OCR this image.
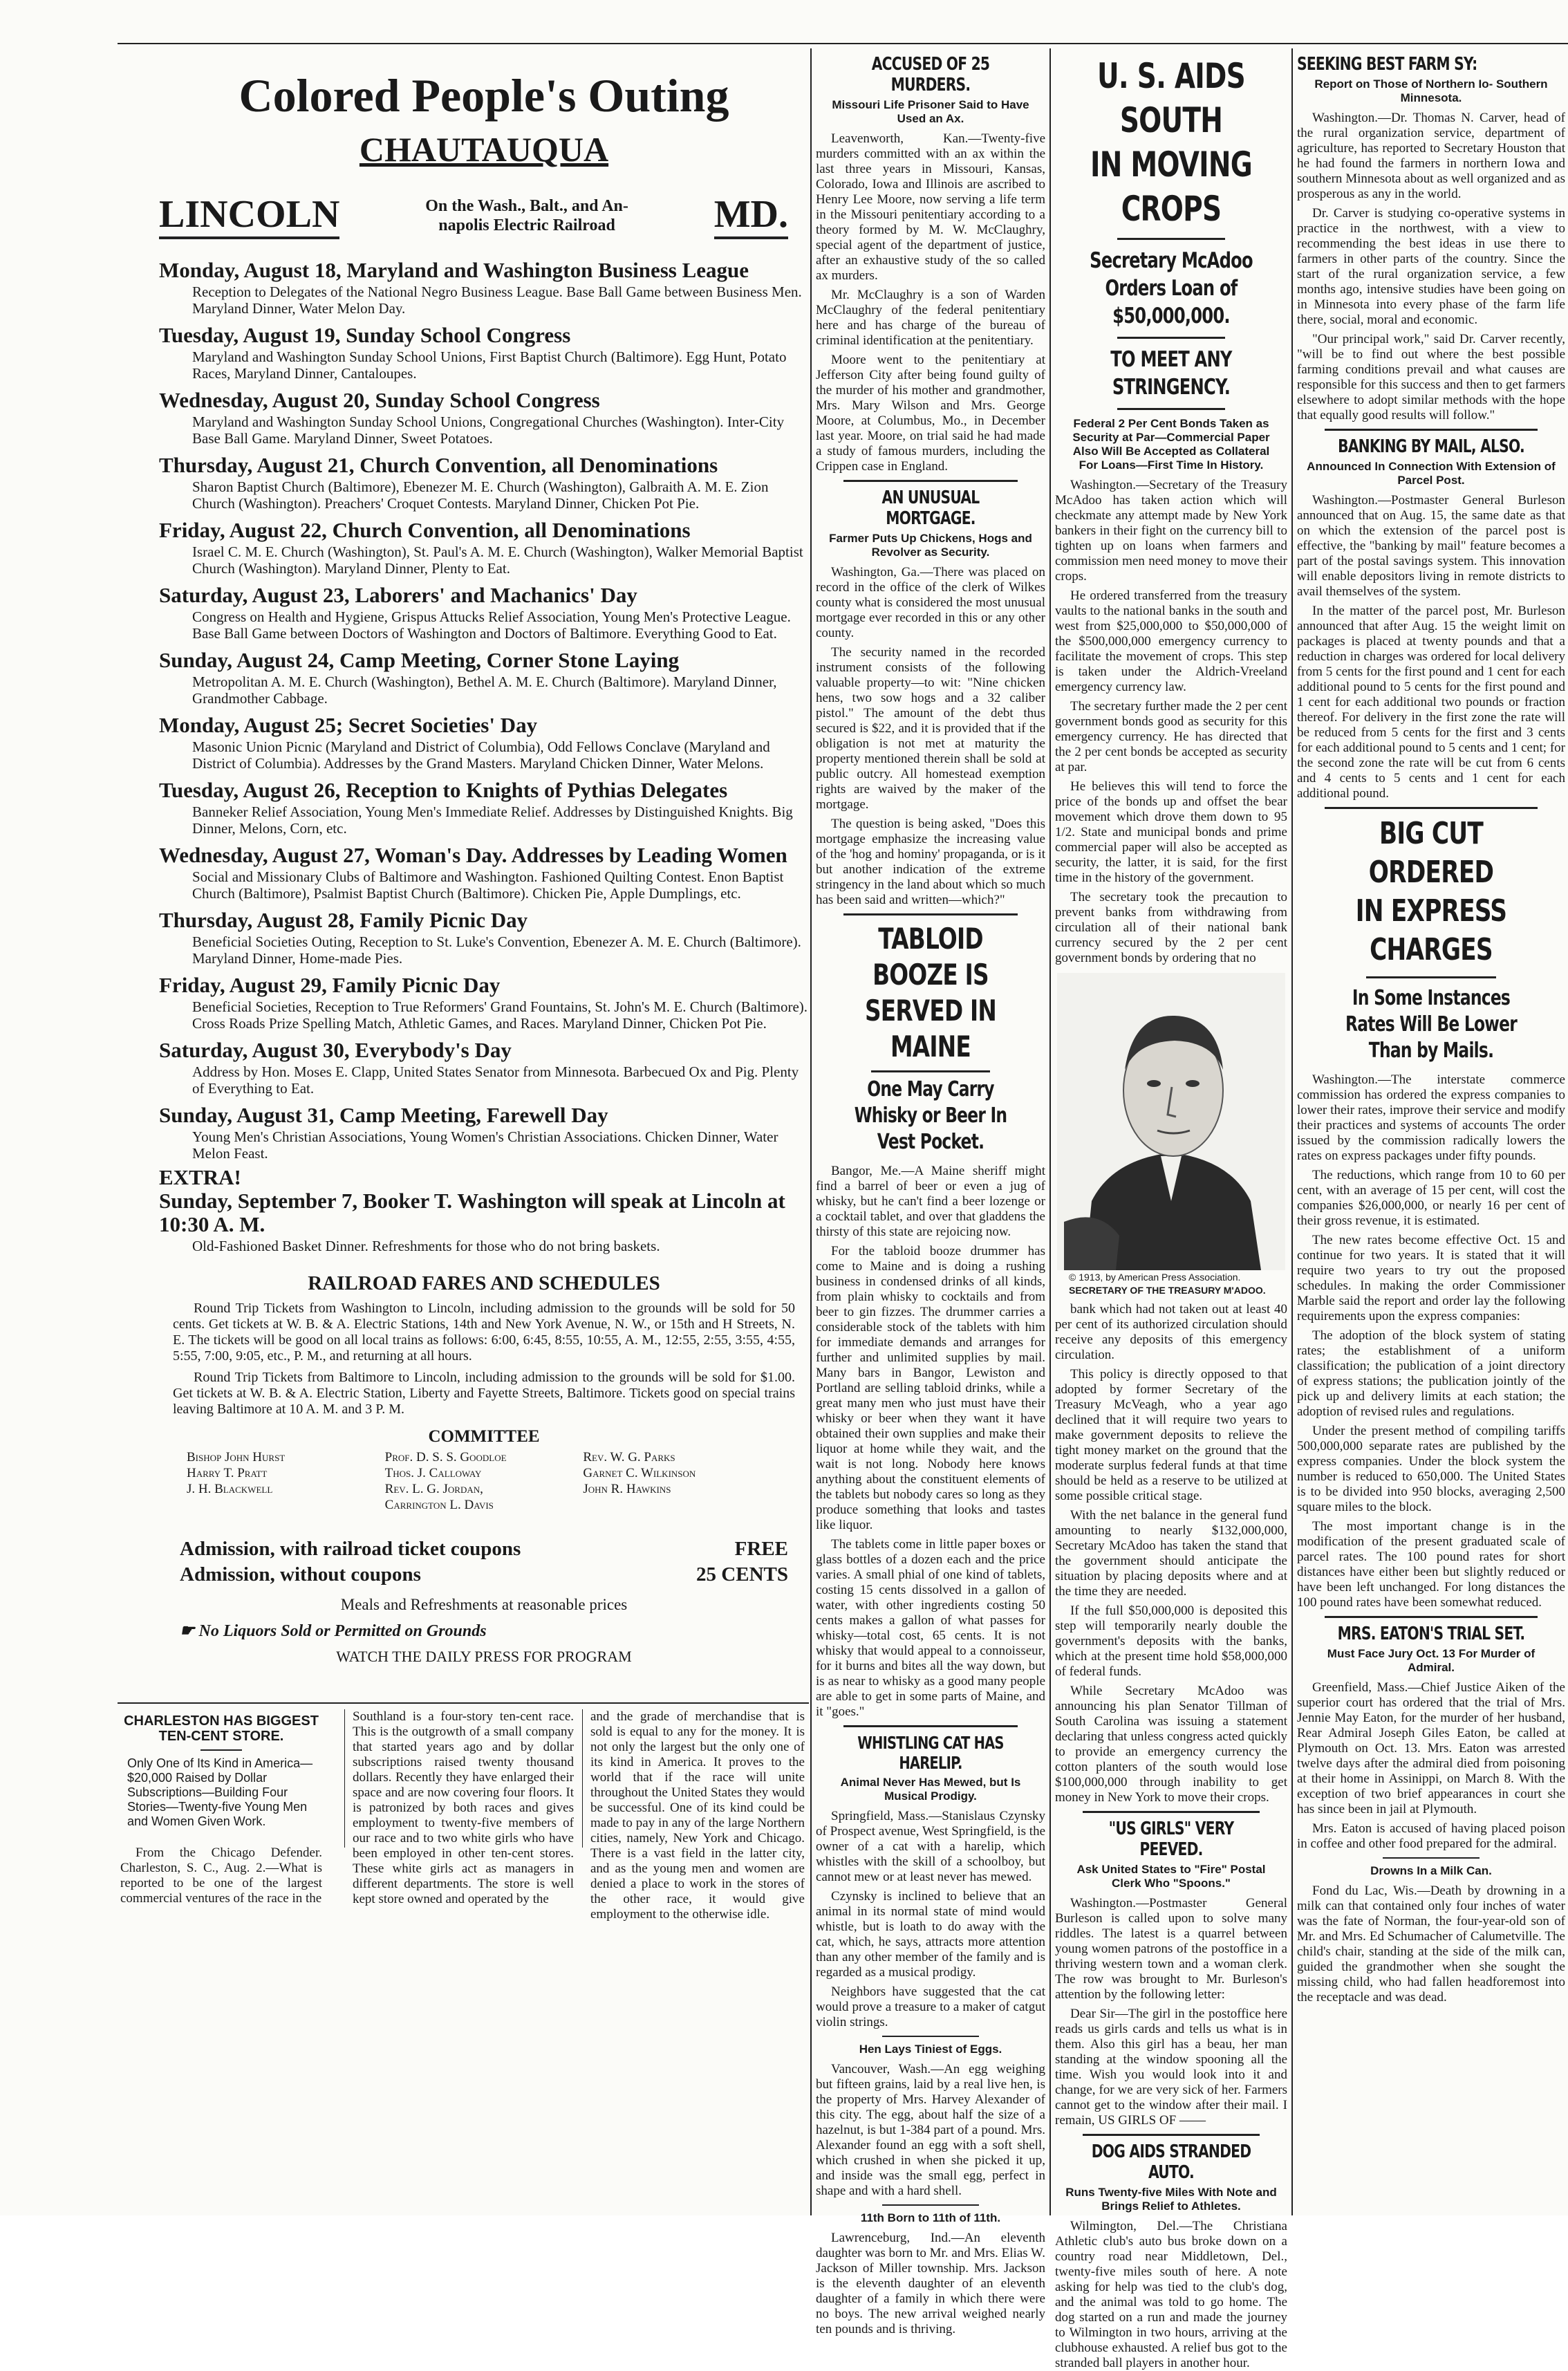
Colored People's Outing
CHAUTAUQUA
LINCOLN	On the Wash., Balt., and An-napolis Electric Railroad	MD.
Monday, August 18, Maryland and Washington Business League
Reception to Delegates of the National Negro Business League. Base Ball Game between Business Men. Maryland Dinner, Water Melon Day.
Tuesday, August 19, Sunday School Congress
Maryland and Washington Sunday School Unions, First Baptist Church (Baltimore). Egg Hunt, Potato Races, Maryland Dinner, Cantaloupes.
Wednesday, August 20, Sunday School Congress
Maryland and Washington Sunday School Unions, Congregational Churches (Washington). Inter-City Base Ball Game. Maryland Dinner, Sweet Potatoes.
Thursday, August 21, Church Convention, all Denominations
Sharon Baptist Church (Baltimore), Ebenezer M. E. Church (Washington), Galbraith A. M. E. Zion Church (Washington). Preachers' Croquet Contests. Maryland Dinner, Chicken Pot Pie.
Friday, August 22, Church Convention, all Denominations
Israel C. M. E. Church (Washington), St. Paul's A. M. E. Church (Washington), Walker Memorial Baptist Church (Washington). Maryland Dinner, Plenty to Eat.
Saturday, August 23, Laborers' and Machanics' Day
Congress on Health and Hygiene, Grispus Attucks Relief Association, Young Men's Protective League. Base Ball Game between Doctors of Washington and Doctors of Baltimore. Everything Good to Eat.
Sunday, August 24, Camp Meeting, Corner Stone Laying
Metropolitan A. M. E. Church (Washington), Bethel A. M. E. Church (Baltimore). Maryland Dinner, Grandmother Cabbage.
Monday, August 25; Secret Societies' Day
Masonic Union Picnic (Maryland and District of Columbia), Odd Fellows Conclave (Maryland and District of Columbia). Addresses by the Grand Masters. Maryland Chicken Dinner, Water Melons.
Tuesday, August 26, Reception to Knights of Pythias Delegates
Banneker Relief Association, Young Men's Immediate Relief. Addresses by Distinguished Knights. Big Dinner, Melons, Corn, etc.
Wednesday, August 27, Woman's Day. Addresses by Leading Women
Social and Missionary Clubs of Baltimore and Washington. Fashioned Quilting Contest. Enon Baptist Church (Baltimore), Psalmist Baptist Church (Baltimore). Chicken Pie, Apple Dumplings, etc.
Thursday, August 28, Family Picnic Day
Beneficial Societies Outing, Reception to St. Luke's Convention, Ebenezer A. M. E. Church (Baltimore). Maryland Dinner, Home-made Pies.
Friday, August 29, Family Picnic Day
Beneficial Societies, Reception to True Reformers' Grand Fountains, St. John's M. E. Church (Baltimore). Cross Roads Prize Spelling Match, Athletic Games, and Races. Maryland Dinner, Chicken Pot Pie.
Saturday, August 30, Everybody's Day
Address by Hon. Moses E. Clapp, United States Senator from Minnesota. Barbecued Ox and Pig. Plenty of Everything to Eat.
Sunday, August 31, Camp Meeting, Farewell Day
Young Men's Christian Associations, Young Women's Christian Associations. Chicken Dinner, Water Melon Feast.
EXTRA!
Sunday, September 7, Booker T. Washington will speak at Lincoln at 10:30 A. M.
Old-Fashioned Basket Dinner. Refreshments for those who do not bring baskets.
RAILROAD FARES AND SCHEDULES
Round Trip Tickets from Washington to Lincoln, including admission to the grounds will be sold for 50 cents. Get tickets at W. B. & A. Electric Stations, 14th and New York Avenue, N. W., or 15th and H Streets, N. E. The tickets will be good on all local trains as follows: 6:00, 6:45, 8:55, 10:55, A. M., 12:55, 2:55, 3:55, 4:55, 5:55, 7:00, 9:05, etc., P. M., and returning at all hours.
Round Trip Tickets from Baltimore to Lincoln, including admission to the grounds will be sold for $1.00. Get tickets at W. B. & A. Electric Station, Liberty and Fayette Streets, Baltimore. Tickets good on special trains leaving Baltimore at 10 A. M. and 3 P. M.
COMMITTEE
Bishop John Hurst	Prof. D. S. S. Goodloe	Rev. W. G. Parks
Harry T. Pratt	Thos. J. Calloway	Garnet C. Wilkinson
J. H. Blackwell	Rev. L. G. Jordan,	John R. Hawkins
Carrington L. Davis
Admission, with railroad ticket coupons	FREE
Admission, without coupons	25 CENTS
Meals and Refreshments at reasonable prices
☛ No Liquors Sold or Permitted on Grounds
WATCH THE DAILY PRESS FOR PROGRAM
CHARLESTON HAS BIGGEST TEN-CENT STORE.
Only One of Its Kind in America—$20,000 Raised by Dollar Subscriptions—Building Four Stories—Twenty-five Young Men and Women Given Work.
From the Chicago Defender. Charleston, S. C., Aug. 2.—What is reported to be one of the largest commercial ventures of the race in the
Southland is a four-story ten-cent race. This is the outgrowth of a small company that started years ago and by dollar subscriptions raised twenty thousand dollars. Recently they have enlarged their space and are now covering four floors. It is patronized by both races and gives employment to twenty-five members of our race and to two white girls who have been employed in other ten-cent stores. These white girls act as managers in different departments. The store is well kept store owned and operated by the
and the grade of merchandise that is sold is equal to any for the money. It is not only the largest but the only one of its kind in America. It proves to the world that if the race will unite throughout the United States they would be successful. One of its kind could be made to pay in any of the large Northern cities, namely, New York and Chicago. There is a vast field in the latter city, and as the young men and women are denied a place to work in the stores of the other race, it would give employment to the otherwise idle.
ACCUSED OF 25 MURDERS.
Missouri Life Prisoner Said to Have Used an Ax.

Leavenworth, Kan.—Twenty-five murders committed with an ax within the last three years in Missouri, Kansas, Colorado, Iowa and Illinois are ascribed to Henry Lee Moore, now serving a life term in the Missouri penitentiary according to a theory formed by M. W. McClaughry, special agent of the department of justice, after an exhaustive study of the so called ax murders.

Mr. McClaughry is a son of Warden McClaughry of the federal penitentiary here and has charge of the bureau of criminal identification at the penitentiary.

Moore went to the penitentiary at Jefferson City after being found guilty of the murder of his mother and grandmother, Mrs. Mary Wilson and Mrs. George Moore, at Columbus, Mo., in December last year. Moore, on trial said he had made a study of famous murders, including the Crippen case in England.

AN UNUSUAL MORTGAGE.
Farmer Puts Up Chickens, Hogs and Revolver as Security.

Washington, Ga.—There was placed on record in the office of the clerk of Wilkes county what is considered the most unusual mortgage ever recorded in this or any other county.

The security named in the recorded instrument consists of the following valuable property—to wit: "Nine chicken hens, two sow hogs and a 32 caliber pistol." The amount of the debt thus secured is $22, and it is provided that if the obligation is not met at maturity the property mentioned therein shall be sold at public outcry. All homestead exemption rights are waived by the maker of the mortgage.

The question is being asked, "Does this mortgage emphasize the increasing value of the 'hog and hominy' propaganda, or is it but another indication of the extreme stringency in the land about which so much has been said and written—which?"

TABLOID BOOZE IS SERVED IN MAINE
One May Carry Whisky or Beer In Vest Pocket.

Bangor, Me.—A Maine sheriff might find a barrel of beer or even a jug of whisky, but he can't find a beer lozenge or a cocktail tablet, and over that gladdens the thirsty of this state are rejoicing now.

For the tabloid booze drummer has come to Maine and is doing a rushing business in condensed drinks of all kinds, from plain whisky to cocktails and from beer to gin fizzes. The drummer carries a considerable stock of the tablets with him for immediate demands and arranges for further and unlimited supplies by mail. Many bars in Bangor, Lewiston and Portland are selling tabloid drinks, while a great many men who just must have their whisky or beer when they want it have obtained their own supplies and make their liquor at home while they wait, and the wait is not long. Nobody here knows anything about the constituent elements of the tablets but nobody cares so long as they produce something that looks and tastes like liquor.

The tablets come in little paper boxes or glass bottles of a dozen each and the price varies. A small phial of one kind of tablets, costing 15 cents dissolved in a gallon of water, with other ingredients costing 50 cents makes a gallon of what passes for whisky—total cost, 65 cents. It is not whisky that would appeal to a connoisseur, for it burns and bites all the way down, but is as near to whisky as a good many people are able to get in some parts of Maine, and it "goes."

WHISTLING CAT HAS HARELIP.
Animal Never Has Mewed, but Is Musical Prodigy.

Springfield, Mass.—Stanislaus Czynsky of Prospect avenue, West Springfield, is the owner of a cat with a harelip, which whistles with the skill of a schoolboy, but cannot mew or at least never has mewed.

Czynsky is inclined to believe that an animal in its normal state of mind would whistle, but is loath to do away with the cat, which, he says, attracts more attention than any other member of the family and is regarded as a musical prodigy.

Neighbors have suggested that the cat would prove a treasure to a maker of catgut violin strings.

Hen Lays Tiniest of Eggs.

Vancouver, Wash.—An egg weighing but fifteen grains, laid by a real live hen, is the property of Mrs. Harvey Alexander of this city. The egg, about half the size of a hazelnut, is but 1-384 part of a pound. Mrs. Alexander found an egg with a soft shell, which crushed in when she picked it up, and inside was the small egg, perfect in shape and with a hard shell.

11th Born to 11th of 11th.

Lawrenceburg, Ind.—An eleventh daughter was born to Mr. and Mrs. Elias W. Jackson of Miller township. Mrs. Jackson is the eleventh daughter of an eleventh daughter of a family in which there were no boys. The new arrival weighed nearly ten pounds and is thriving.

U. S. AIDS SOUTH
IN MOVING CROPS
Secretary McAdoo Orders Loan of $50,000,000.
TO MEET ANY STRINGENCY.
Federal 2 Per Cent Bonds Taken as Security at Par—Commercial Paper Also Will Be Accepted as Collateral For Loans—First Time In History.

Washington.—Secretary of the Treasury McAdoo has taken action which will checkmate any attempt made by New York bankers in their fight on the currency bill to tighten up on loans when farmers and commission men need money to move their crops.

He ordered transferred from the treasury vaults to the national banks in the south and west from $25,000,000 to $50,000,000 of the $500,000,000 emergency currency to facilitate the movement of crops. This step is taken under the Aldrich-Vreeland emergency currency law.

The secretary further made the 2 per cent government bonds good as security for this emergency currency. He has directed that the 2 per cent bonds be accepted as security at par.

He believes this will tend to force the price of the bonds up and offset the bear movement which drove them down to 95 1/2. State and municipal bonds and prime commercial paper will also be accepted as security, the latter, it is said, for the first time in the history of the government.

The secretary took the precaution to prevent banks from withdrawing from circulation all of their national bank currency secured by the 2 per cent government bonds by ordering that no

© 1913, by American Press Association.
SECRETARY OF THE TREASURY M'ADOO.

bank which had not taken out at least 40 per cent of its authorized circulation should receive any deposits of this emergency circulation.

This policy is directly opposed to that adopted by former Secretary of the Treasury McVeagh, who a year ago declined that it will require two years to make government deposits to relieve the tight money market on the ground that the moderate surplus federal funds at that time should be held as a reserve to be utilized at some possible critical stage.

With the net balance in the general fund amounting to nearly $132,000,000, Secretary McAdoo has taken the stand that the government should anticipate the situation by placing deposits where and at the time they are needed.

If the full $50,000,000 is deposited this step will temporarily nearly double the government's deposits with the banks, which at the present time hold $58,000,000 of federal funds.

While Secretary McAdoo was announcing his plan Senator Tillman of South Carolina was issuing a statement declaring that unless congress acted quickly to provide an emergency currency the cotton planters of the south would lose $100,000,000 through inability to get money in New York to move their crops.

"US GIRLS" VERY PEEVED.
Ask United States to "Fire" Postal Clerk Who "Spoons."

Washington.—Postmaster General Burleson is called upon to solve many riddles. The latest is a quarrel between young women patrons of the postoffice in a thriving western town and a woman clerk. The row was brought to Mr. Burleson's attention by the following letter:

Dear Sir—The girl in the postoffice here reads us girls cards and tells us what is in them. Also this girl has a beau, her man standing at the window spooning all the time. Wish you would look into it and change, for we are very sick of her. Farmers cannot get to the window after their mail. I remain, US GIRLS OF ——

DOG AIDS STRANDED AUTO.
Runs Twenty-five Miles With Note and Brings Relief to Athletes.

Wilmington, Del.—The Christiana Athletic club's auto bus broke down on a country road near Middletown, Del., twenty-five miles south of here. A note asking for help was tied to the club's dog, and the animal was told to go home. The dog started on a run and made the journey to Wilmington in two hours, arriving at the clubhouse exhausted. A relief bus got to the stranded ball players in another hour.

SEEKING BEST FARM SY:
Report on Those of Northern Io- Southern Minnesota.

Washington.—Dr. Thomas N. Carver, head of the rural organization service, department of agriculture, has reported to Secretary Houston that he had found the farmers in northern Iowa and southern Minnesota about as well organized and as prosperous as any in the world.

Dr. Carver is studying co-operative systems in practice in the northwest, with a view to recommending the best ideas in use there to farmers in other parts of the country. Since the start of the rural organization service, a few months ago, intensive studies have been going on in Minnesota into every phase of the farm life there, social, moral and economic.

"Our principal work," said Dr. Carver recently, "will be to find out where the best possible farming conditions prevail and what causes are responsible for this success and then to get farmers elsewhere to adopt similar methods with the hope that equally good results will follow."

BANKING BY MAIL, ALSO.
Announced In Connection With Extension of Parcel Post.

Washington.—Postmaster General Burleson announced that on Aug. 15, the same date as that on which the extension of the parcel post is effective, the "banking by mail" feature becomes a part of the postal savings system. This innovation will enable depositors living in remote districts to avail themselves of the system.

In the matter of the parcel post, Mr. Burleson announced that after Aug. 15 the weight limit on packages is placed at twenty pounds and that a reduction in charges was ordered for local delivery from 5 cents for the first pound and 1 cent for each additional pound to 5 cents for the first pound and 1 cent for each additional two pounds or fraction thereof. For delivery in the first zone the rate will be reduced from 5 cents for the first and 3 cents for each additional pound to 5 cents and 1 cent; for the second zone the rate will be cut from 6 cents and 4 cents to 5 cents and 1 cent for each additional pound.

BIG CUT ORDERED
IN EXPRESS CHARGES
In Some Instances Rates Will Be Lower Than by Mails.

Washington.—The interstate commerce commission has ordered the express companies to lower their rates, improve their service and modify their practices and systems of accounts The order issued by the commission radically lowers the rates on express packages under fifty pounds.

The reductions, which range from 10 to 60 per cent, with an average of 15 per cent, will cost the companies $26,000,000, or nearly 16 per cent of their gross revenue, it is estimated.

The new rates become effective Oct. 15 and continue for two years. It is stated that it will require two years to try out the proposed schedules. In making the order Commissioner Marble said the report and order lay the following requirements upon the express companies:

The adoption of the block system of stating rates; the establishment of a uniform classification; the publication of a joint directory of express stations; the publication jointly of the pick up and delivery limits at each station; the adoption of revised rules and regulations.

Under the present method of compiling tariffs 500,000,000 separate rates are published by the express companies. Under the block system the number is reduced to 650,000. The United States is to be divided into 950 blocks, averaging 2,500 square miles to the block.

The most important change is in the modification of the present graduated scale of parcel rates. The 100 pound rates for short distances have either been but slightly reduced or have been left unchanged. For long distances the 100 pound rates have been somewhat reduced.

MRS. EATON'S TRIAL SET.
Must Face Jury Oct. 13 For Murder of Admiral.

Greenfield, Mass.—Chief Justice Aiken of the superior court has ordered that the trial of Mrs. Jennie May Eaton, for the murder of her husband, Rear Admiral Joseph Giles Eaton, be called at Plymouth on Oct. 13. Mrs. Eaton was arrested twelve days after the admiral died from poisoning at their home in Assinippi, on March 8. With the exception of two brief appearances in court she has since been in jail at Plymouth.

Mrs. Eaton is accused of having placed poison in coffee and other food prepared for the admiral.

Drowns In a Milk Can.

Fond du Lac, Wis.—Death by drowning in a milk can that contained only four inches of water was the fate of Norman, the four-year-old son of Mr. and Mrs. Ed Schumacher of Calumetville. The child's chair, standing at the side of the milk can, guided the grandmother when she sought the missing child, who had fallen headforemost into the receptacle and was dead.
